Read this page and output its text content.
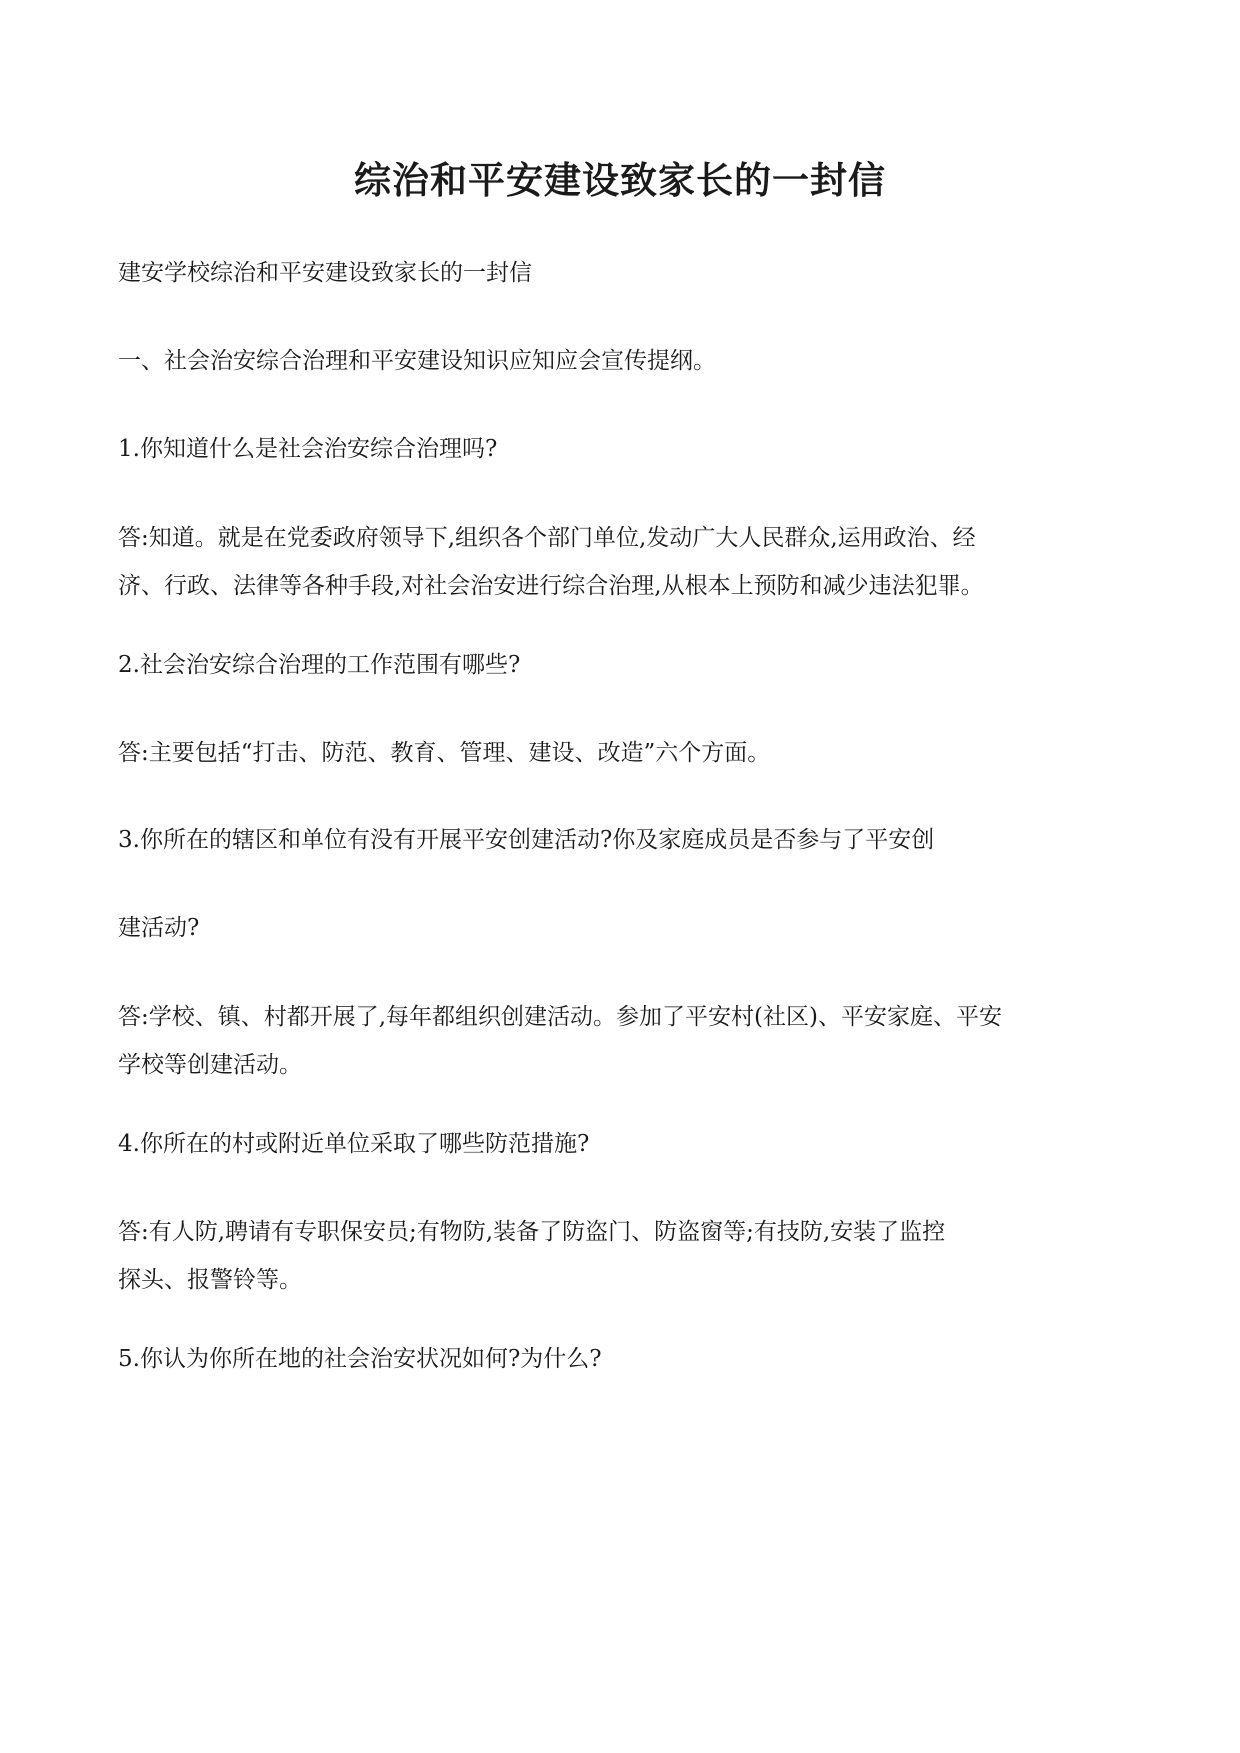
综治和平安建设致家长的一封信

建安学校综治和平安建设致家长的一封信

一、社会治安综合治理和平安建设知识应知应会宣传提纲。

1.你知道什么是社会治安综合治理吗?

答:知道。就是在党委政府领导下,组织各个部门单位,发动广大人民群众,运用政治、经
济、行政、法律等各种手段,对社会治安进行综合治理,从根本上预防和减少违法犯罪。

2.社会治安综合治理的工作范围有哪些?

答:主要包括“打击、防范、教育、管理、建设、改造”六个方面。

3.你所在的辖区和单位有没有开展平安创建活动?你及家庭成员是否参与了平安创

建活动?

答:学校、镇、村都开展了,每年都组织创建活动。参加了平安村(社区)、平安家庭、平安
学校等创建活动。

4.你所在的村或附近单位采取了哪些防范措施?

答:有人防,聘请有专职保安员;有物防,装备了防盗门、防盗窗等;有技防,安装了监控
探头、报警铃等。

5.你认为你所在地的社会治安状况如何?为什么?
